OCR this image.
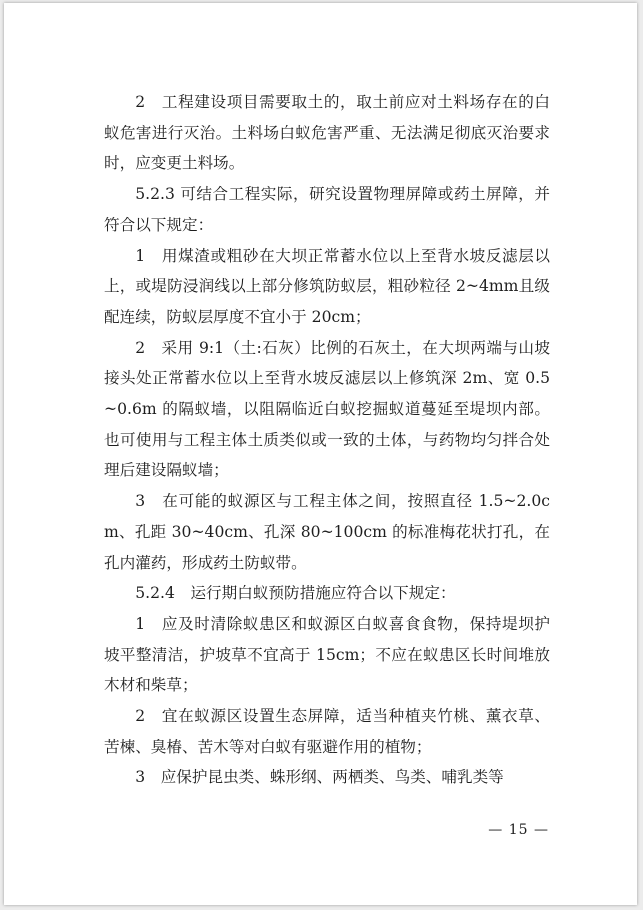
2　工程建设项目需要取土的，取土前应对土料场存在的白蚁危害进行灭治。土料场白蚁危害严重、无法满足彻底灭治要求时，应变更土料场。

5.2.3 可结合工程实际，研究设置物理屏障或药土屏障，并符合以下规定：

1　用煤渣或粗砂在大坝正常蓄水位以上至背水坡反滤层以上，或堤防浸润线以上部分修筑防蚁层，粗砂粒径 2~4mm且级配连续，防蚁层厚度不宜小于 20cm；

2　采用 9:1（土:石灰）比例的石灰土，在大坝两端与山坡接头处正常蓄水位以上至背水坡反滤层以上修筑深 2m、宽 0.5~0.6m 的隔蚁墙，以阻隔临近白蚁挖掘蚁道蔓延至堤坝内部。也可使用与工程主体土质类似或一致的土体，与药物均匀拌合处理后建设隔蚁墙；

3　在可能的蚁源区与工程主体之间，按照直径 1.5~2.0cm、孔距 30~40cm、孔深 80~100cm 的标准梅花状打孔，在孔内灌药，形成药土防蚁带。

5.2.4　运行期白蚁预防措施应符合以下规定：

1　应及时清除蚁患区和蚁源区白蚁喜食食物，保持堤坝护坡平整清洁，护坡草不宜高于 15cm；不应在蚁患区长时间堆放木材和柴草；

2　宜在蚁源区设置生态屏障，适当种植夹竹桃、薰衣草、苦楝、臭椿、苦木等对白蚁有驱避作用的植物；

3　应保护昆虫类、蛛形纲、两栖类、鸟类、哺乳类等

— 15 —
